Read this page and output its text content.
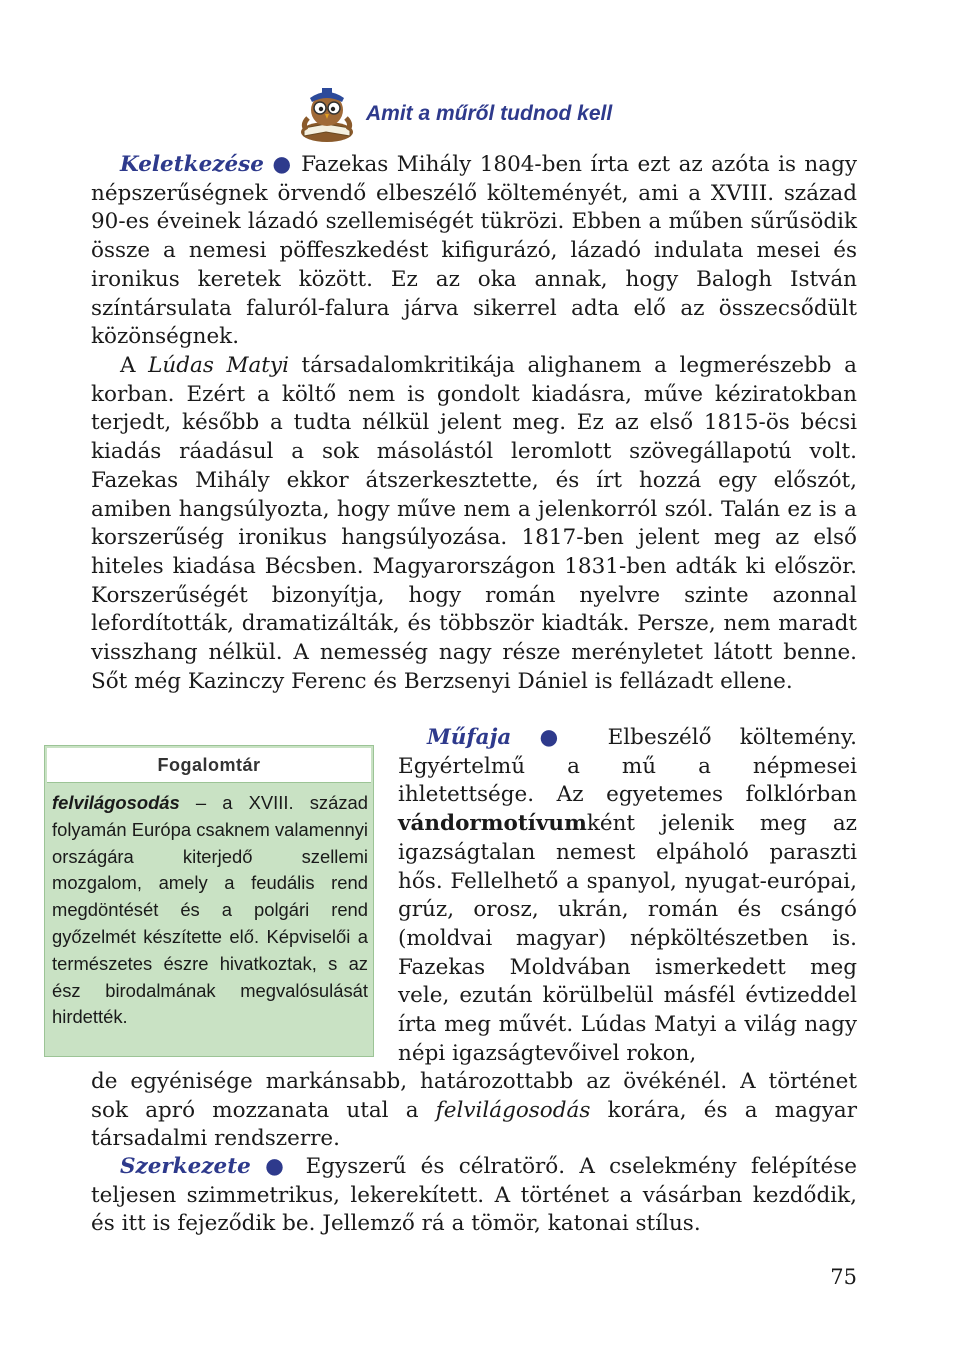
Amit a műről tudnod kell

Keletkezése ● Fazekas Mihály 1804-ben írta ezt az azóta is nagy népszerűségnek örvendő elbeszélő költeményét, ami a XVIII. század 90-es éveinek lázadó szellemiségét tükrözi. Ebben a műben sűrűsödik össze a nemesi pöffeszkedést kifigurázó, lázadó indulata mesei és ironikus keretek között. Ez az oka annak, hogy Balogh István színtársulata faluról-falura járva sikerrel adta elő az összecsődült közönségnek.

A Lúdas Matyi társadalomkritikája alighanem a legmerészebb a korban. Ezért a költő nem is gondolt kiadásra, műve kéziratokban terjedt, később a tudta nélkül jelent meg. Ez az első 1815-ös bécsi kiadás ráadásul a sok másolástól leromlott szövegállapotú volt. Fazekas Mihály ekkor átszerkesztette, és írt hozzá egy előszót, amiben hangsúlyozta, hogy műve nem a jelenkorról szól. Talán ez is a korszerűség ironikus hangsúlyozása. 1817-ben jelent meg az első hiteles kiadása Bécsben. Magyarországon 1831-ben adták ki először. Korszerűségét bizonyítja, hogy román nyelvre szinte azonnal lefordították, dramatizálták, és többször kiadták. Persze, nem maradt visszhang nélkül. A nemesség nagy része merényletet látott benne. Sőt még Kazinczy Ferenc és Berzsenyi Dániel is fellázadt ellene.

Műfaja ● Elbeszélő költemény. Egyértelmű a mű a népmesei ihletettsége. Az egyetemes folklórban vándormotívumként jelenik meg az igazságtalan nemest elpáholó paraszti hős. Fellelhető a spanyol, nyugat-európai, grúz, orosz, ukrán, román és csángó (moldvai magyar) népköltészetben is. Fazekas Moldvában ismerkedett meg vele, ezután körülbelül másfél évtizeddel írta meg művét. Lúdas Matyi a világ nagy népi igazságtevőivel rokon,

Fogalomtár
felvilágosodás – a XVIII. század folyamán Európa csaknem valamennyi országára kiterjedő szellemi mozgalom, amely a feudális rend megdöntését és a polgári rend győzelmét készítette elő. Képviselői a természetes észre hivatkoztak, s az ész birodalmának megvalósulását hirdették.

de egyénisége markánsabb, határozottabb az övékénél. A történet sok apró mozzanata utal a felvilágosodás korára, és a magyar társadalmi rendszerre.

Szerkezete ● Egyszerű és célratörő. A cselekmény felépítése teljesen szimmetrikus, lekerekített. A történet a vásárban kezdődik, és itt is fejeződik be. Jellemző rá a tömör, katonai stílus.

75
